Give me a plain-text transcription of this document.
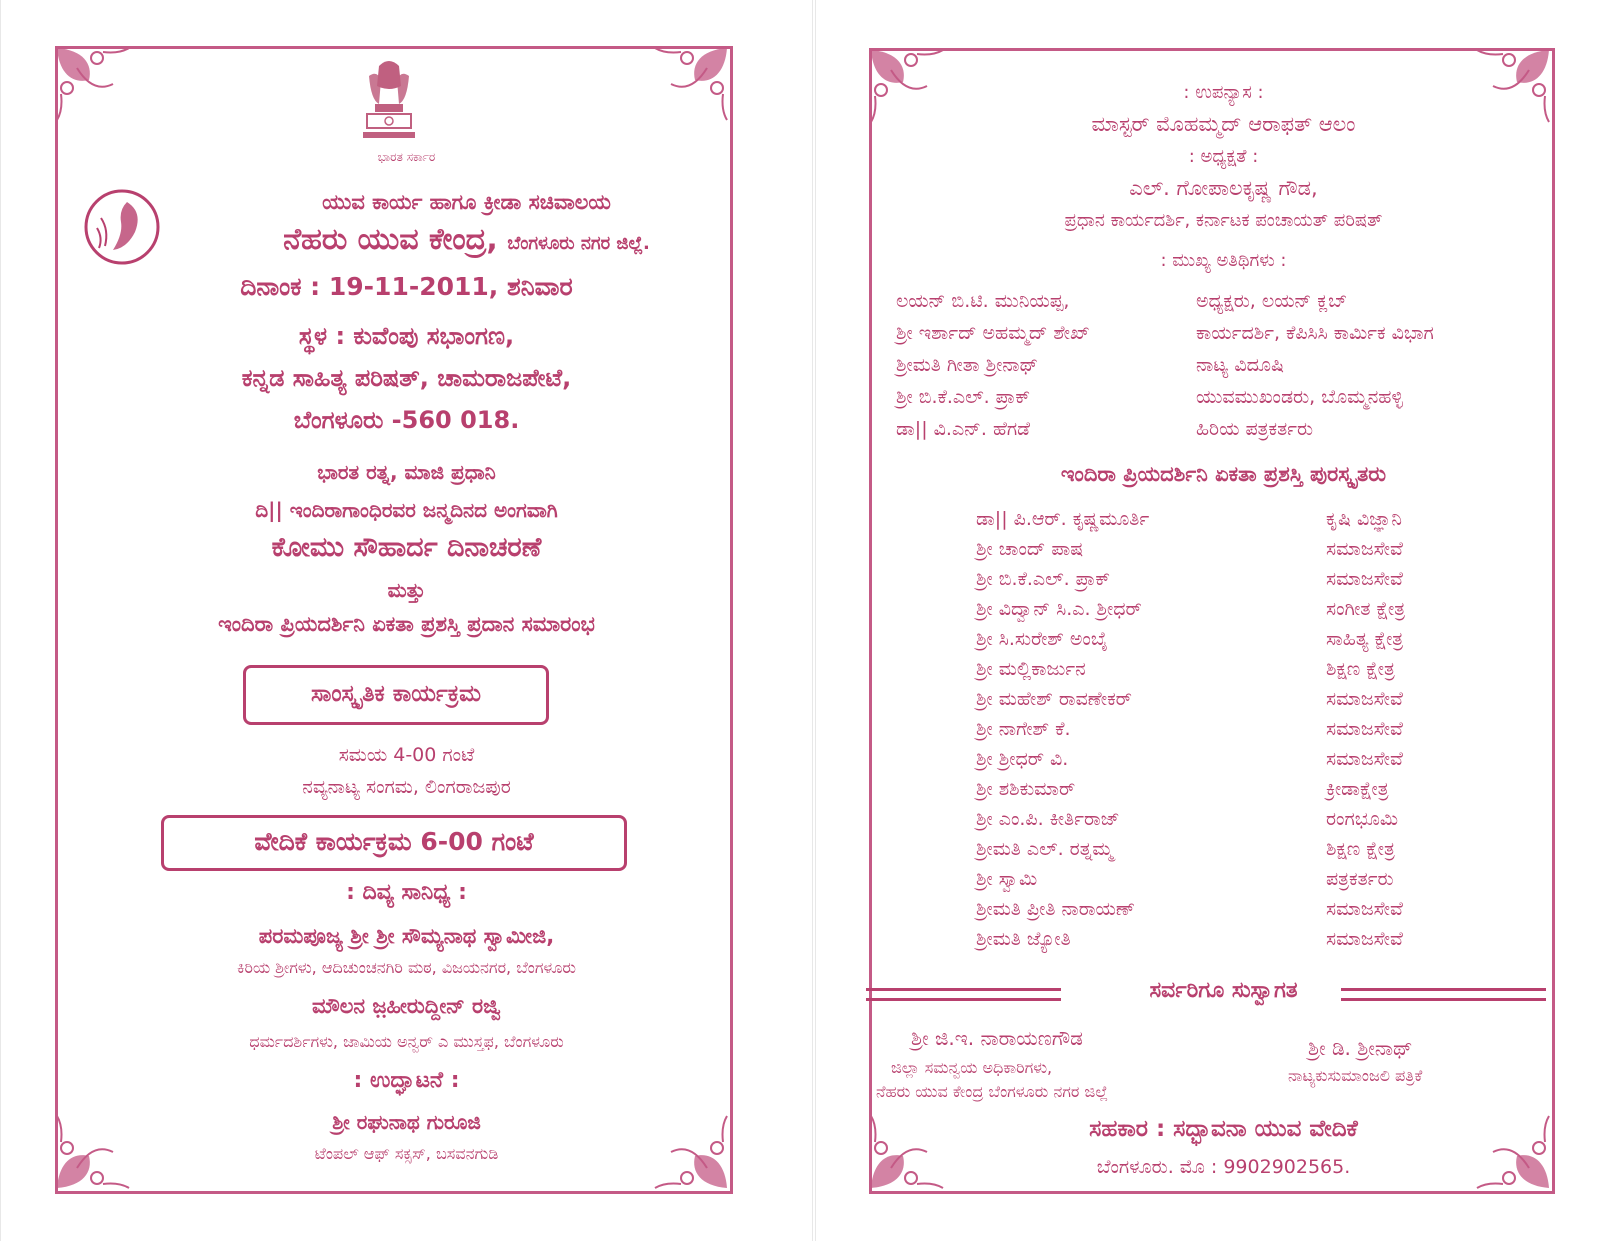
ಭಾರತ ಸರ್ಕಾರ
ಯುವ ಕಾರ್ಯ ಹಾಗೂ ಕ್ರೀಡಾ ಸಚಿವಾಲಯ
ನೆಹರು ಯುವ ಕೇಂದ್ರ, ಬೆಂಗಳೂರು ನಗರ ಜಿಲ್ಲೆ.
ದಿನಾಂಕ : 19-11-2011, ಶನಿವಾರ
ಸ್ಥಳ : ಕುವೆಂಪು ಸಭಾಂಗಣ,
ಕನ್ನಡ ಸಾಹಿತ್ಯ ಪರಿಷತ್, ಚಾಮರಾಜಪೇಟೆ,
ಬೆಂಗಳೂರು -560 018.
ಭಾರತ ರತ್ನ, ಮಾಜಿ ಪ್ರಧಾನಿ
ದಿ|| ಇಂದಿರಾಗಾಂಧಿರವರ ಜನ್ಮದಿನದ ಅಂಗವಾಗಿ
ಕೋಮು ಸೌಹಾರ್ದ ದಿನಾಚರಣೆ
ಮತ್ತು
ಇಂದಿರಾ ಪ್ರಿಯದರ್ಶಿನಿ ಏಕತಾ ಪ್ರಶಸ್ತಿ ಪ್ರದಾನ ಸಮಾರಂಭ
ಸಾಂಸ್ಕೃತಿಕ ಕಾರ್ಯಕ್ರಮ
ಸಮಯ 4-00 ಗಂಟೆ
ನವ್ಯನಾಟ್ಯ ಸಂಗಮ, ಲಿಂಗರಾಜಪುರ
ವೇದಿಕೆ ಕಾರ್ಯಕ್ರಮ 6-00 ಗಂಟೆ
: ದಿವ್ಯ ಸಾನಿಧ್ಯ :
ಪರಮಪೂಜ್ಯ ಶ್ರೀ ಶ್ರೀ ಸೌಮ್ಯನಾಥ ಸ್ವಾಮೀಜಿ,
ಕಿರಿಯ ಶ್ರೀಗಳು, ಆದಿಚುಂಚನಗಿರಿ ಮಠ, ವಿಜಯನಗರ, ಬೆಂಗಳೂರು
ಮೌಲನ ಜ಼ಹೀರುದ್ದೀನ್ ರಜ್ವಿ
ಧರ್ಮದರ್ಶಿಗಳು, ಜಾಮಿಯ ಅನ್ವರ್ ಎ ಮುಸ್ತಫ, ಬೆಂಗಳೂರು
: ಉದ್ಘಾಟನೆ :
ಶ್ರೀ ರಘುನಾಥ ಗುರೂಜಿ
ಟೆಂಪಲ್ ಆಫ್ ಸಕ್ಸಸ್, ಬಸವನಗುಡಿ
: ಉಪನ್ಯಾಸ :
ಮಾಸ್ಟರ್ ಮೊಹಮ್ಮದ್ ಆರಾಫತ್ ಆಲಂ
: ಅಧ್ಯಕ್ಷತೆ :
ಎಲ್. ಗೋಪಾಲಕೃಷ್ಣ ಗೌಡ,
ಪ್ರಧಾನ ಕಾರ್ಯದರ್ಶಿ, ಕರ್ನಾಟಕ ಪಂಚಾಯತ್ ಪರಿಷತ್
: ಮುಖ್ಯ ಅತಿಥಿಗಳು :
ಲಯನ್ ಬಿ.ಟಿ. ಮುನಿಯಪ್ಪ,	ಅಧ್ಯಕ್ಷರು, ಲಯನ್ ಕ್ಲಬ್
ಶ್ರೀ ಇರ್ಶಾದ್ ಅಹಮ್ಮದ್ ಶೇಖ್	ಕಾರ್ಯದರ್ಶಿ, ಕೆಪಿಸಿಸಿ ಕಾರ್ಮಿಕ ವಿಭಾಗ
ಶ್ರೀಮತಿ ಗೀತಾ ಶ್ರೀನಾಥ್	ನಾಟ್ಯ ವಿದೂಷಿ
ಶ್ರೀ ಬಿ.ಕೆ.ಎಲ್. ಪ್ರಾಕ್	ಯುವಮುಖಂಡರು, ಬೊಮ್ಮನಹಳ್ಳಿ
ಡಾ|| ವಿ.ಎನ್. ಹೆಗಡೆ	ಹಿರಿಯ ಪತ್ರಕರ್ತರು
ಇಂದಿರಾ ಪ್ರಿಯದರ್ಶಿನಿ ಏಕತಾ ಪ್ರಶಸ್ತಿ ಪುರಸ್ಕೃತರು
ಡಾ|| ಪಿ.ಆರ್. ಕೃಷ್ಣಮೂರ್ತಿ	ಕೃಷಿ ವಿಜ್ಞಾನಿ
ಶ್ರೀ ಚಾಂದ್ ಪಾಷ	ಸಮಾಜಸೇವೆ
ಶ್ರೀ ಬಿ.ಕೆ.ಎಲ್. ಪ್ರಾಕ್	ಸಮಾಜಸೇವೆ
ಶ್ರೀ ವಿದ್ವಾನ್ ಸಿ.ಎ. ಶ್ರೀಧರ್	ಸಂಗೀತ ಕ್ಷೇತ್ರ
ಶ್ರೀ ಸಿ.ಸುರೇಶ್ ಅಂಬೈ	ಸಾಹಿತ್ಯ ಕ್ಷೇತ್ರ
ಶ್ರೀ ಮಲ್ಲಿಕಾರ್ಜುನ	ಶಿಕ್ಷಣ ಕ್ಷೇತ್ರ
ಶ್ರೀ ಮಹೇಶ್ ರಾವಣೇಕರ್	ಸಮಾಜಸೇವೆ
ಶ್ರೀ ನಾಗೇಶ್ ಕೆ.	ಸಮಾಜಸೇವೆ
ಶ್ರೀ ಶ್ರೀಧರ್ ವಿ.	ಸಮಾಜಸೇವೆ
ಶ್ರೀ ಶಶಿಕುಮಾರ್	ಕ್ರೀಡಾಕ್ಷೇತ್ರ
ಶ್ರೀ ಎಂ.ಪಿ. ಕೀರ್ತಿರಾಜ್	ರಂಗಭೂಮಿ
ಶ್ರೀಮತಿ ಎಲ್. ರತ್ನಮ್ಮ	ಶಿಕ್ಷಣ ಕ್ಷೇತ್ರ
ಶ್ರೀ ಸ್ವಾಮಿ	ಪತ್ರಕರ್ತರು
ಶ್ರೀಮತಿ ಪ್ರೀತಿ ನಾರಾಯಣ್	ಸಮಾಜಸೇವೆ
ಶ್ರೀಮತಿ ಜ್ಯೋತಿ	ಸಮಾಜಸೇವೆ
ಸರ್ವರಿಗೂ ಸುಸ್ವಾಗತ
ಶ್ರೀ ಜಿ.ಇ. ನಾರಾಯಣಗೌಡ
ಜಿಲ್ಲಾ ಸಮನ್ವಯ ಅಧಿಕಾರಿಗಳು,
ನೆಹರು ಯುವ ಕೇಂದ್ರ ಬೆಂಗಳೂರು ನಗರ ಜಿಲ್ಲೆ
ಶ್ರೀ ಡಿ. ಶ್ರೀನಾಥ್
ನಾಟ್ಯಕುಸುಮಾಂಜಲಿ ಪತ್ರಿಕೆ
ಸಹಕಾರ : ಸದ್ಭಾವನಾ ಯುವ ವೇದಿಕೆ
ಬೆಂಗಳೂರು. ಮೊ : 9902902565.
